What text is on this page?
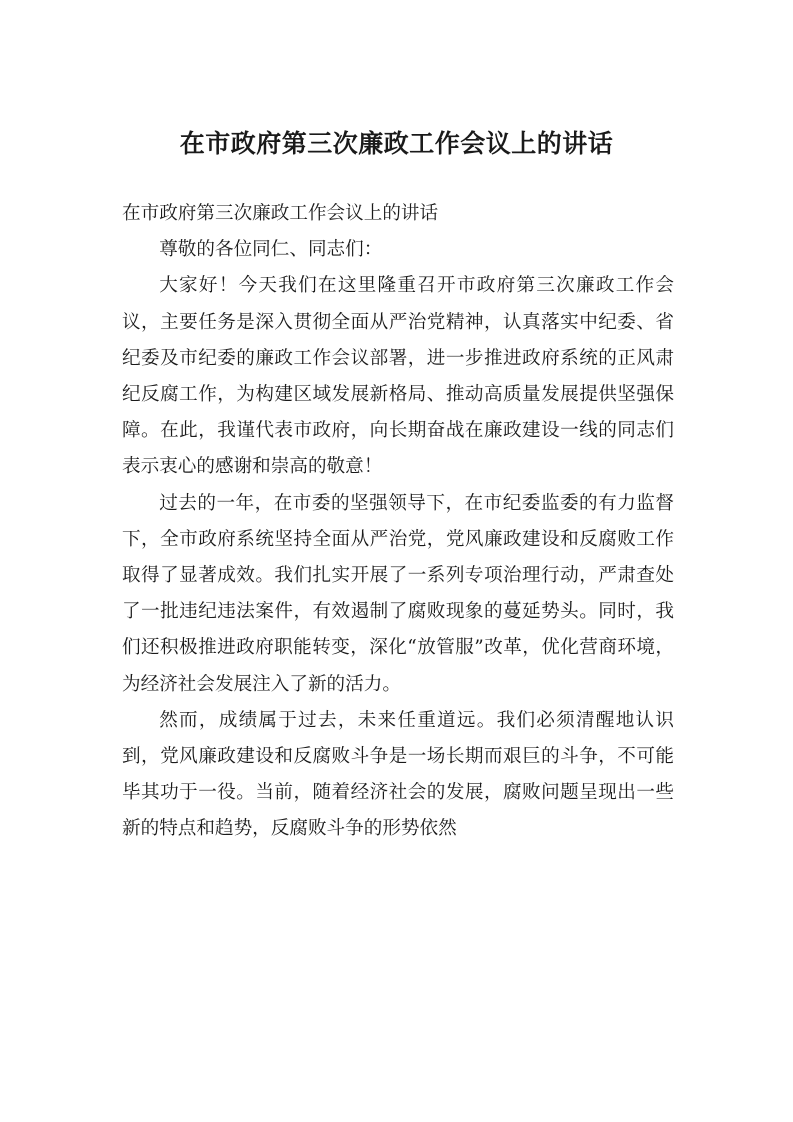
在市政府第三次廉政工作会议上的讲话

在市政府第三次廉政工作会议上的讲话

尊敬的各位同仁、同志们：

大家好！今天我们在这里隆重召开市政府第三次廉政工作会议，主要任务是深入贯彻全面从严治党精神，认真落实中纪委、省纪委及市纪委的廉政工作会议部署，进一步推进政府系统的正风肃纪反腐工作，为构建区域发展新格局、推动高质量发展提供坚强保障。在此，我谨代表市政府，向长期奋战在廉政建设一线的同志们表示衷心的感谢和崇高的敬意！

过去的一年，在市委的坚强领导下，在市纪委监委的有力监督下，全市政府系统坚持全面从严治党，党风廉政建设和反腐败工作取得了显著成效。我们扎实开展了一系列专项治理行动，严肃查处了一批违纪违法案件，有效遏制了腐败现象的蔓延势头。同时，我们还积极推进政府职能转变，深化“放管服”改革，优化营商环境，为经济社会发展注入了新的活力。

然而，成绩属于过去，未来任重道远。我们必须清醒地认识到，党风廉政建设和反腐败斗争是一场长期而艰巨的斗争，不可能毕其功于一役。当前，随着经济社会的发展，腐败问题呈现出一些新的特点和趋势，反腐败斗争的形势依然
